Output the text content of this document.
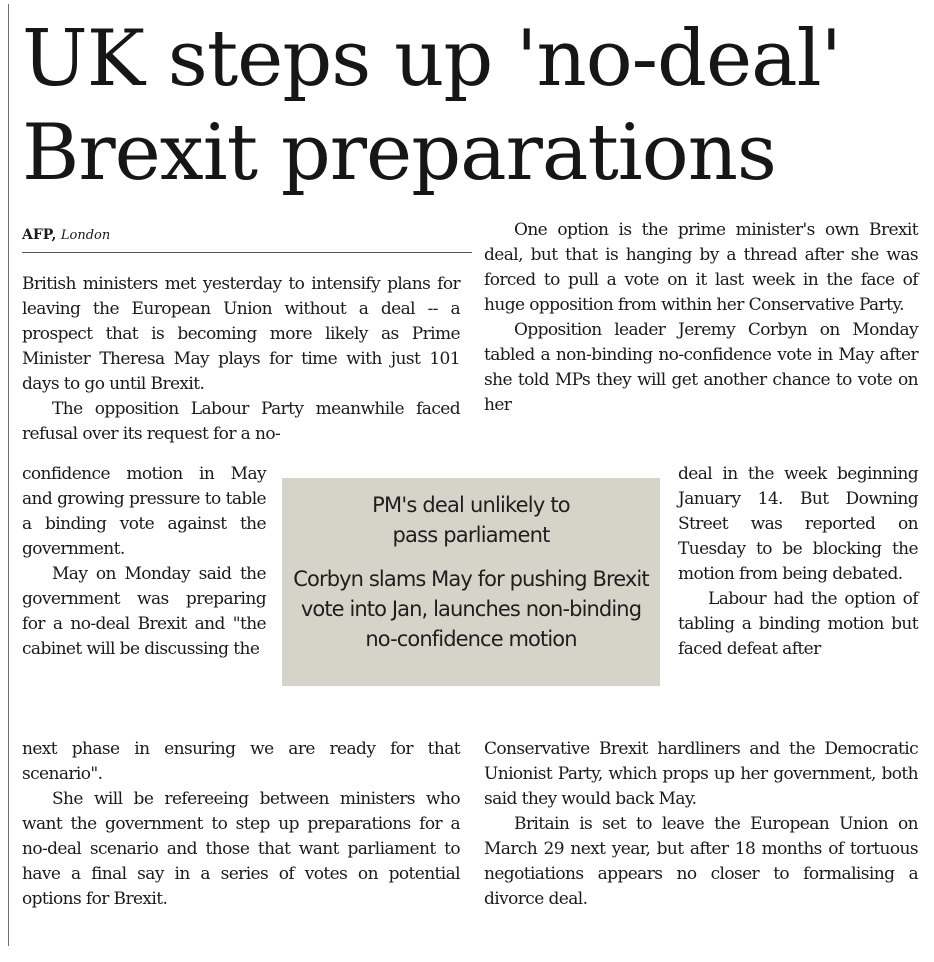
UK steps up 'no-deal'
Brexit preparations
AFP, London

British ministers met yesterday to intensify plans for leaving the European Union without a deal -- a prospect that is becoming more likely as Prime Minister Theresa May plays for time with just 101 days to go until Brexit.

The opposition Labour Party meanwhile faced refusal over its request for a no-

confidence motion in May and growing pressure to table a binding vote against the government.

May on Monday said the government was preparing for a no-deal Brexit and "the cabinet will be discussing the

next phase in ensuring we are ready for that scenario".

She will be refereeing between ministers who want the government to step up preparations for a no-deal scenario and those that want parliament to have a final say in a series of votes on potential options for Brexit.

One option is the prime minister's own Brexit deal, but that is hanging by a thread after she was forced to pull a vote on it last week in the face of huge opposition from within her Conservative Party.

Opposition leader Jeremy Corbyn on Monday tabled a non-binding no-confidence vote in May after she told MPs they will get another chance to vote on her

deal in the week beginning January 14. But Downing Street was reported on Tuesday to be blocking the motion from being debated.

Labour had the option of tabling a binding motion but faced defeat after

Conservative Brexit hardliners and the Democratic Unionist Party, which props up her government, both said they would back May.

Britain is set to leave the European Union on March 29 next year, but after 18 months of tortuous negotiations appears no closer to formalising a divorce deal.

PM's deal unlikely to pass parliament

Corbyn slams May for pushing Brexit vote into Jan, launches non-binding no-confidence motion
